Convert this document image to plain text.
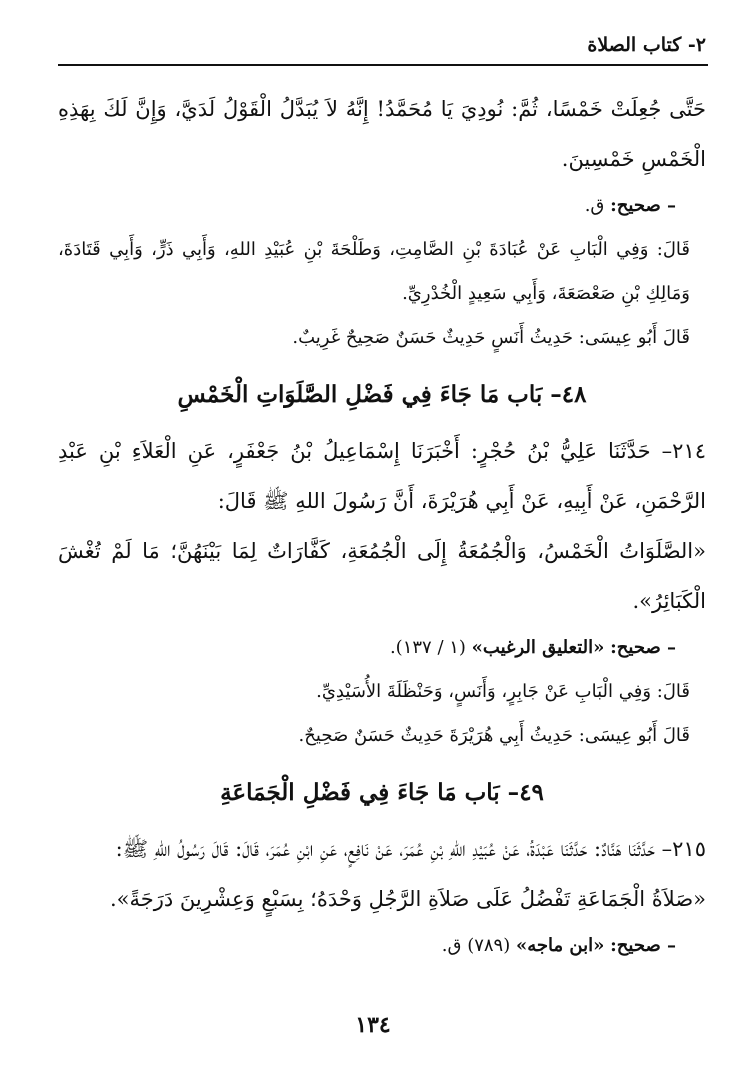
٢- كتاب الصلاة

حَتَّى جُعِلَتْ خَمْسًا، ثُمَّ: نُودِيَ يَا مُحَمَّدُ! إِنَّهُ لاَ يُبَدَّلُ الْقَوْلُ لَدَيَّ، وَإِنَّ لَكَ بِهَذِهِ الْخَمْسِ خَمْسِينَ.

– صحيح: ق.

قَالَ: وَفِي الْبَابِ عَنْ عُبَادَةَ بْنِ الصَّامِتِ، وَطَلْحَةَ بْنِ عُبَيْدِ اللهِ، وَأَبِي ذَرٍّ، وَأَبِي قَتَادَةَ، وَمَالِكِ بْنِ صَعْصَعَةَ، وَأَبِي سَعِيدٍ الْخُدْرِيِّ.

قَالَ أَبُو عِيسَى: حَدِيثُ أَنَسٍ حَدِيثٌ حَسَنٌ صَحِيحٌ غَرِيبٌ.

٤٨– بَاب مَا جَاءَ فِي فَضْلِ الصَّلَوَاتِ الْخَمْسِ

٢١٤– حَدَّثَنَا عَلِيُّ بْنُ حُجْرٍ: أَخْبَرَنَا إِسْمَاعِيلُ بْنُ جَعْفَرٍ، عَنِ الْعَلاَءِ بْنِ عَبْدِ الرَّحْمَنِ، عَنْ أَبِيهِ، عَنْ أَبِي هُرَيْرَةَ، أَنَّ رَسُولَ اللهِ ﷺ قَالَ:

«الصَّلَوَاتُ الْخَمْسُ، وَالْجُمُعَةُ إِلَى الْجُمُعَةِ، كَفَّارَاتٌ لِمَا بَيْنَهُنَّ؛ مَا لَمْ تُغْشَ الْكَبَائِرُ».

– صحيح: «التعليق الرغيب» (١ / ١٣٧).

قَالَ: وَفِي الْبَابِ عَنْ جَابِرٍ، وَأَنَسٍ، وَحَنْظَلَةَ الأُسَيْدِيِّ.

قَالَ أَبُو عِيسَى: حَدِيثُ أَبِي هُرَيْرَةَ حَدِيثٌ حَسَنٌ صَحِيحٌ.

٤٩– بَاب مَا جَاءَ فِي فَضْلِ الْجَمَاعَةِ

٢١٥– حَدَّثَنَا هَنَّادٌ: حَدَّثَنَا عَبْدَةُ، عَنْ عُبَيْدِ اللهِ بْنِ عُمَرَ، عَنْ نَافِعٍ، عَنِ ابْنِ عُمَرَ، قَالَ: قَالَ رَسُولُ اللهِ ﷺ:

«صَلاَةُ الْجَمَاعَةِ تَفْضُلُ عَلَى صَلاَةِ الرَّجُلِ وَحْدَهُ؛ بِسَبْعٍ وَعِشْرِينَ دَرَجَةً».

– صحيح: «ابن ماجه» (٧٨٩) ق.

١٣٤
